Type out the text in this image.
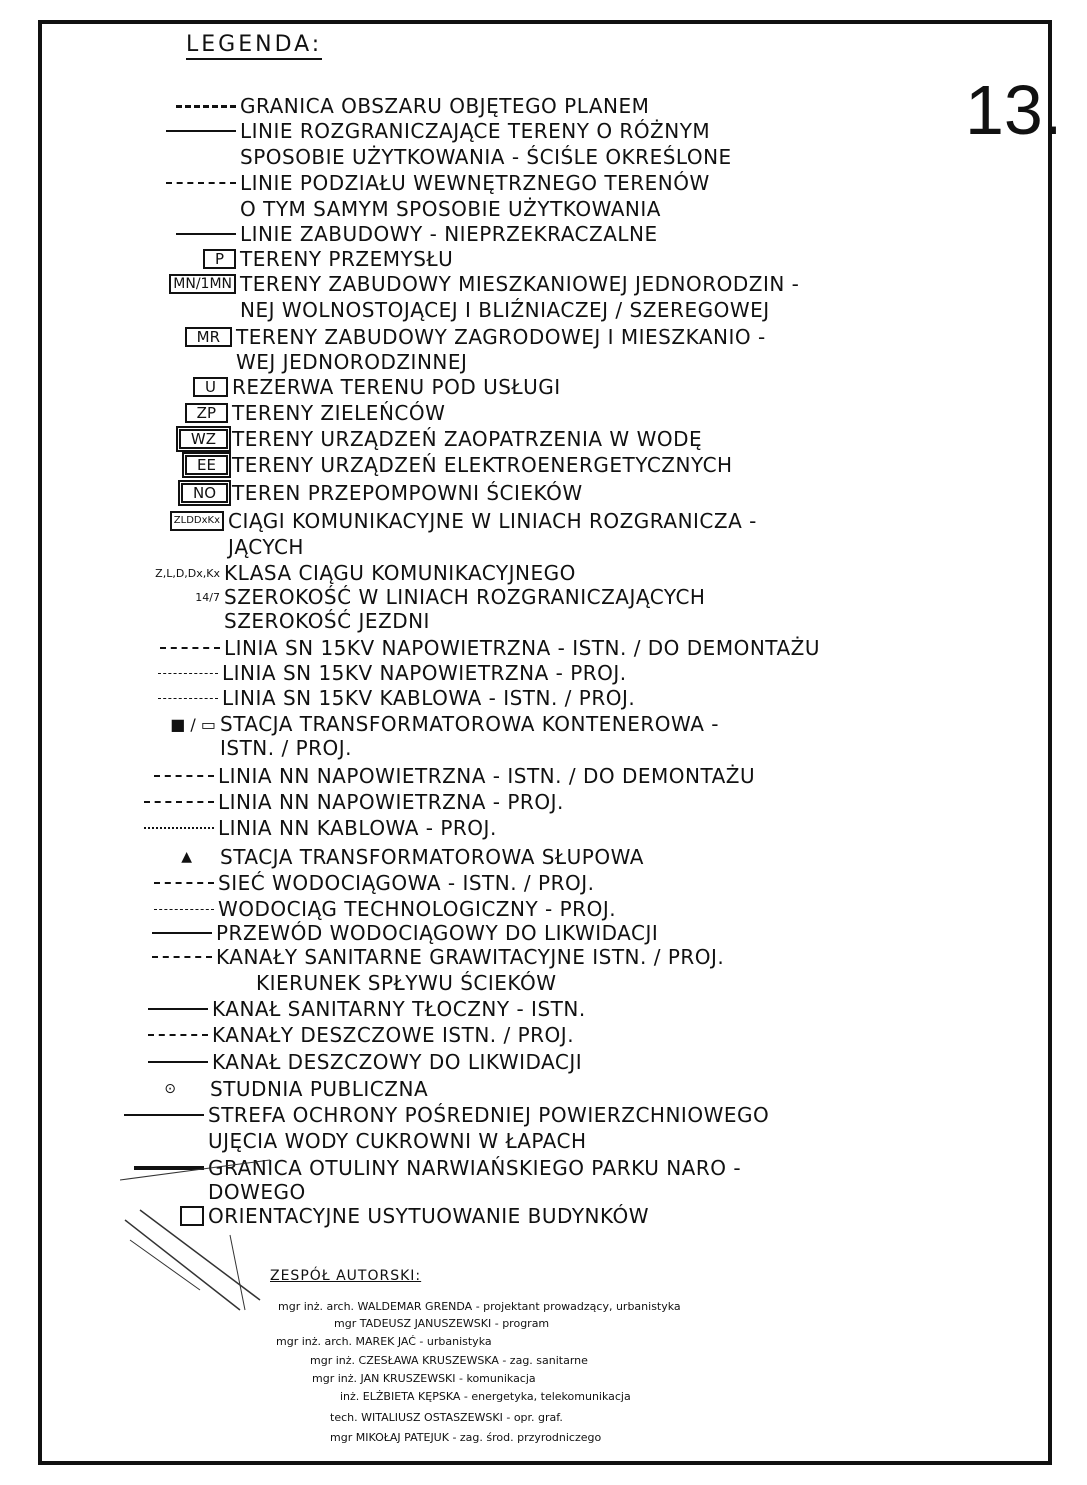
LEGENDA:
13.
GRANICA OBSZARU OBJĘTEGO PLANEM
LINIE ROZGRANICZAJĄCE TERENY O RÓŻNYM
SPOSOBIE UŻYTKOWANIA - ŚCIŚLE OKREŚLONE
LINIE PODZIAŁU WEWNĘTRZNEGO TERENÓW
O TYM SAMYM SPOSOBIE UŻYTKOWANIA
LINIE ZABUDOWY - NIEPRZEKRACZALNE
P TERENY PRZEMYSŁU
MN/1MN TERENY ZABUDOWY MIESZKANIOWEJ JEDNORODZIN -
NEJ WOLNOSTOJĄCEJ I BLIŹNIACZEJ / SZEREGOWEJ
MR TERENY ZABUDOWY ZAGRODOWEJ I MIESZKANIO -
WEJ JEDNORODZINNEJ
U REZERWA TERENU POD USŁUGI
ZP TERENY ZIELEŃCÓW
WZ TERENY URZĄDZEŃ ZAOPATRZENIA W WODĘ
EE TERENY URZĄDZEŃ ELEKTROENERGETYCZNYCH
NO TEREN PRZEPOMPOWNI ŚCIEKÓW
ZLDDxKx CIĄGI KOMUNIKACYJNE W LINIACH ROZGRANICZA -
JĄCYCH
Z,L,D,Dx,Kx KLASA CIĄGU KOMUNIKACYJNEGO
14/7 SZEROKOŚĆ W LINIACH ROZGRANICZAJĄCYCH
SZEROKOŚĆ JEZDNI
LINIA SN 15KV NAPOWIETRZNA - ISTN. / DO DEMONTAŻU
LINIA SN 15KV NAPOWIETRZNA - PROJ.
LINIA SN 15KV KABLOWA - ISTN. / PROJ.
■ / ▭ STACJA TRANSFORMATOROWA KONTENEROWA -
ISTN. / PROJ.
LINIA NN NAPOWIETRZNA - ISTN. / DO DEMONTAŻU
LINIA NN NAPOWIETRZNA - PROJ.
LINIA NN KABLOWA - PROJ.
▲ STACJA TRANSFORMATOROWA SŁUPOWA
SIEĆ WODOCIĄGOWA - ISTN. / PROJ.
WODOCIĄG TECHNOLOGICZNY - PROJ.
PRZEWÓD WODOCIĄGOWY DO LIKWIDACJI
KANAŁY SANITARNE GRAWITACYJNE ISTN. / PROJ.
KIERUNEK SPŁYWU ŚCIEKÓW
KANAŁ SANITARNY TŁOCZNY - ISTN.
KANAŁY DESZCZOWE ISTN. / PROJ.
KANAŁ DESZCZOWY DO LIKWIDACJI
⊙ STUDNIA PUBLICZNA
STREFA OCHRONY POŚREDNIEJ POWIERZCHNIOWEGO
UJĘCIA WODY CUKROWNI W ŁAPACH
GRANICA OTULINY NARWIAŃSKIEGO PARKU NARO -
DOWEGO
ORIENTACYJNE USYTUOWANIE BUDYNKÓW
ZESPÓŁ AUTORSKI:
mgr inż. arch. WALDEMAR GRENDA - projektant prowadzący, urbanistyka
mgr TADEUSZ JANUSZEWSKI - program
mgr inż. arch. MAREK JAĆ - urbanistyka
mgr inż. CZESŁAWA KRUSZEWSKA - zag. sanitarne
mgr inż. JAN KRUSZEWSKI - komunikacja
inż. ELŻBIETA KĘPSKA - energetyka, telekomunikacja
tech. WITALIUSZ OSTASZEWSKI - opr. graf.
mgr MIKOŁAJ PATEJUK - zag. środ. przyrodniczego
